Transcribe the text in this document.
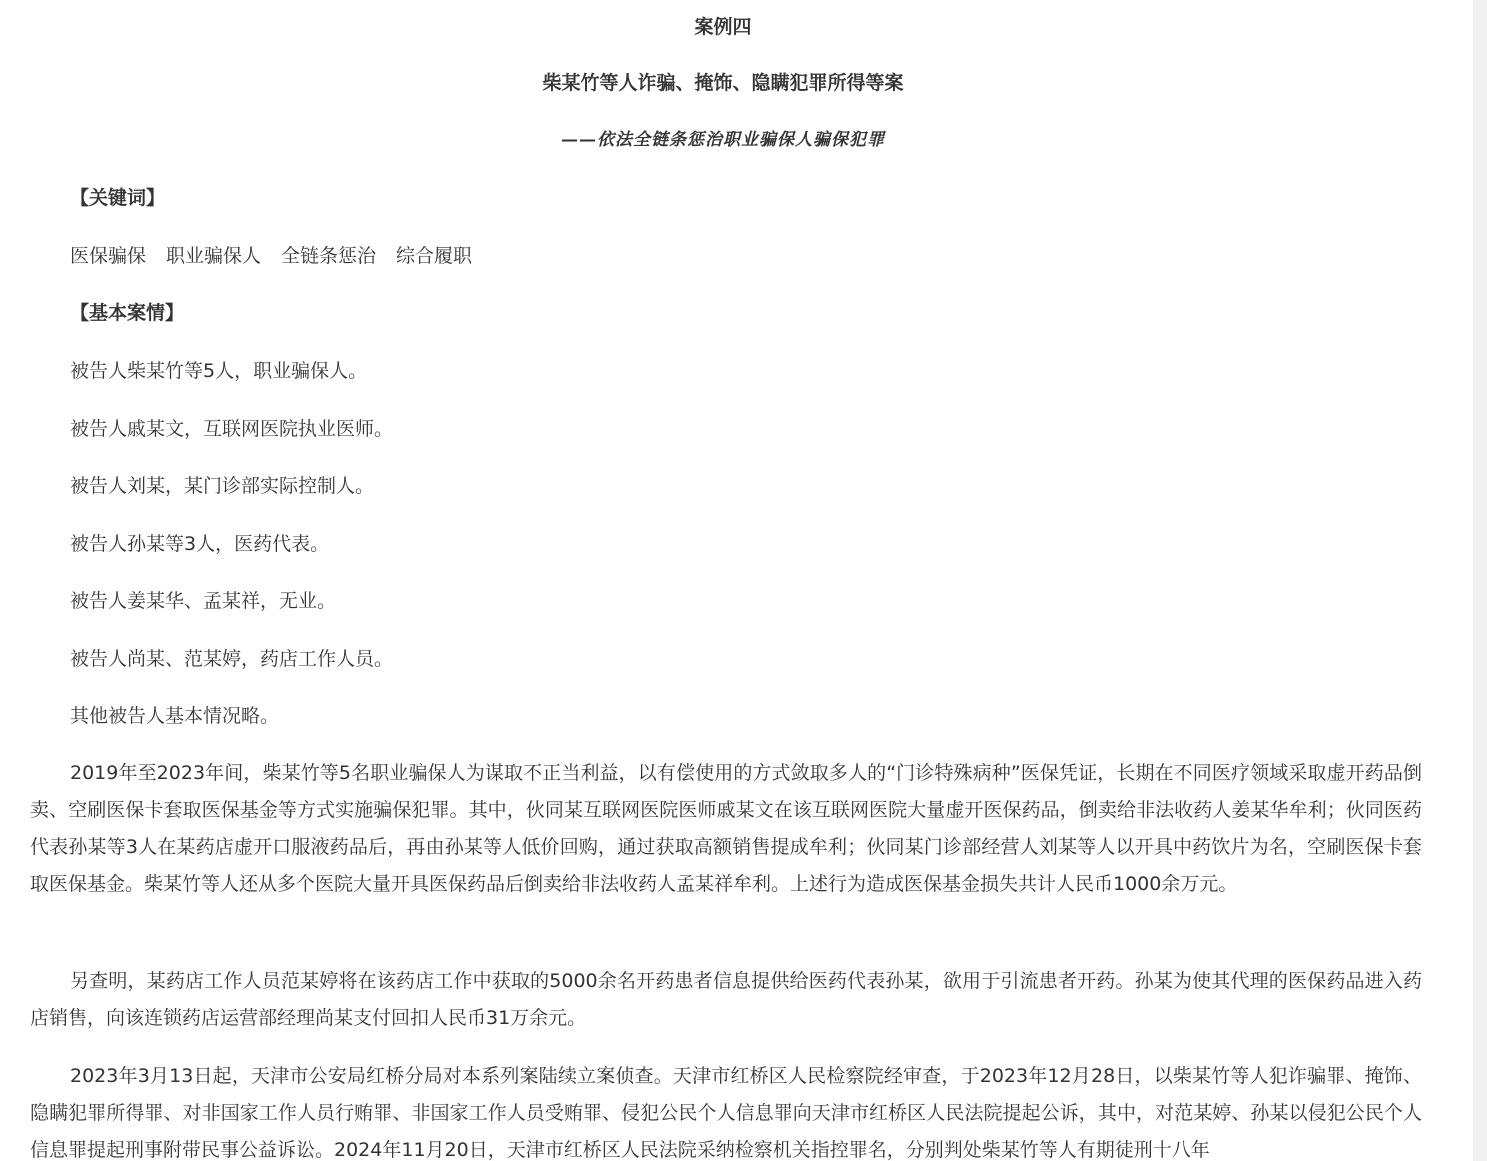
案例四
柴某竹等人诈骗、掩饰、隐瞒犯罪所得等案
——依法全链条惩治职业骗保人骗保犯罪
【关键词】
医保骗保 职业骗保人 全链条惩治 综合履职
【基本案情】
被告人柴某竹等5人，职业骗保人。
被告人戚某文，互联网医院执业医师。
被告人刘某，某门诊部实际控制人。
被告人孙某等3人，医药代表。
被告人姜某华、孟某祥，无业。
被告人尚某、范某婷，药店工作人员。
其他被告人基本情况略。
2019年至2023年间，柴某竹等5名职业骗保人为谋取不正当利益，以有偿使用的方式敛取多人的“门诊特殊病种”医保凭证，长期在不同医疗领域采取虚开药品倒卖、空刷医保卡套取医保基金等方式实施骗保犯罪。其中，伙同某互联网医院医师戚某文在该互联网医院大量虚开医保药品，倒卖给非法收药人姜某华牟利；伙同医药代表孙某等3人在某药店虚开口服液药品后，再由孙某等人低价回购，通过获取高额销售提成牟利；伙同某门诊部经营人刘某等人以开具中药饮片为名，空刷医保卡套取医保基金。柴某竹等人还从多个医院大量开具医保药品后倒卖给非法收药人孟某祥牟利。上述行为造成医保基金损失共计人民币1000余万元。
另查明，某药店工作人员范某婷将在该药店工作中获取的5000余名开药患者信息提供给医药代表孙某，欲用于引流患者开药。孙某为使其代理的医保药品进入药店销售，向该连锁药店运营部经理尚某支付回扣人民币31万余元。
2023年3月13日起，天津市公安局红桥分局对本系列案陆续立案侦查。天津市红桥区人民检察院经审查，于2023年12月28日，以柴某竹等人犯诈骗罪、掩饰、隐瞒犯罪所得罪、对非国家工作人员行贿罪、非国家工作人员受贿罪、侵犯公民个人信息罪向天津市红桥区人民法院提起公诉，其中，对范某婷、孙某以侵犯公民个人信息罪提起刑事附带民事公益诉讼。2024年11月20日，天津市红桥区人民法院采纳检察机关指控罪名，分别判处柴某竹等人有期徒刑十八年
